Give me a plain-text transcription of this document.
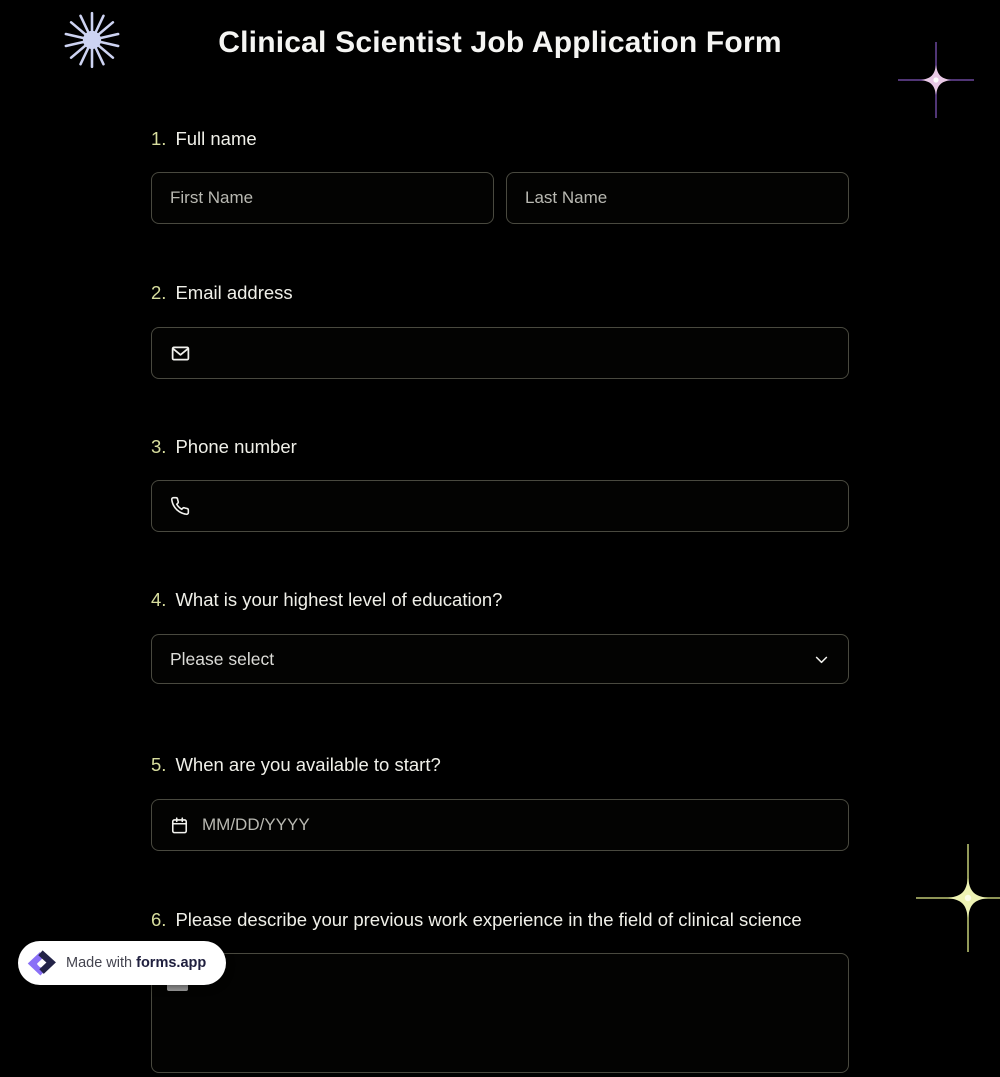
Clinical Scientist Job Application Form
1. Full name
First Name
Last Name
2. Email address
3. Phone number
4. What is your highest level of education?
Please select
5. When are you available to start?
MM/DD/YYYY
6. Please describe your previous work experience in the field of clinical science
Made with forms.app
